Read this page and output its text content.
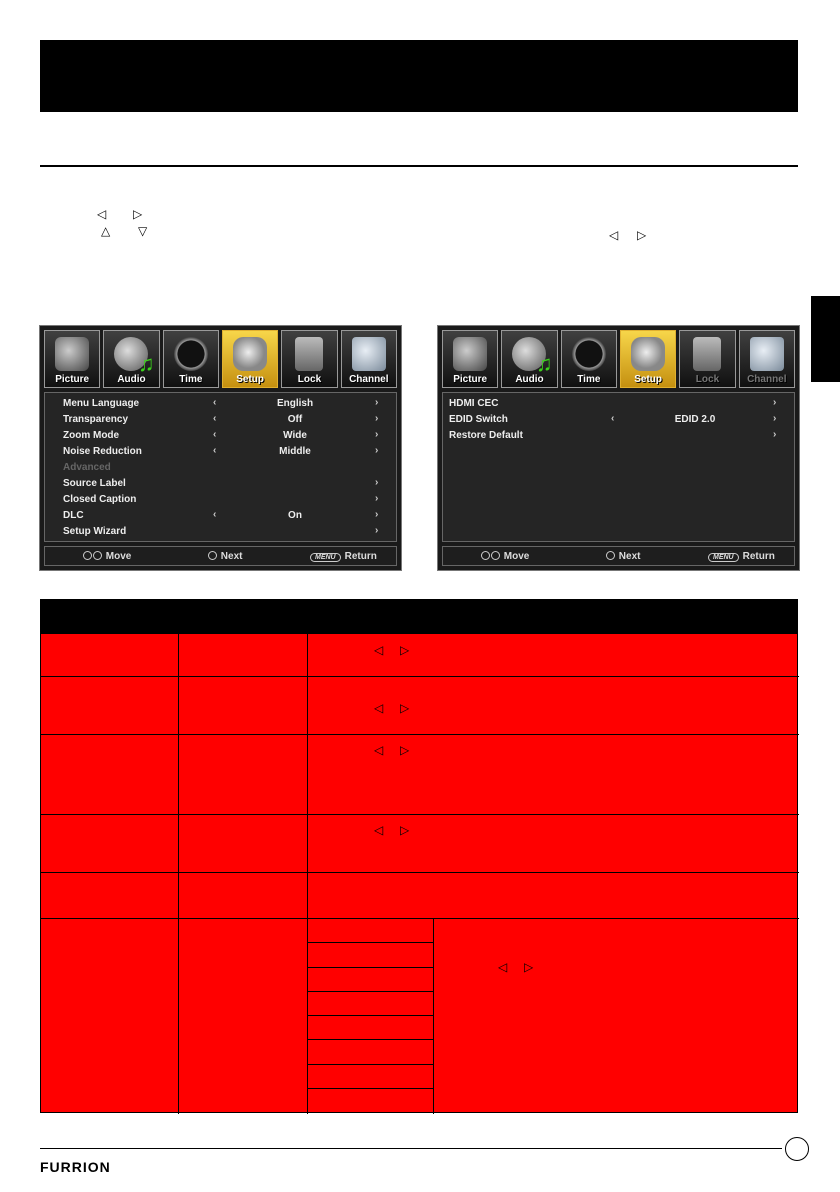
◁ ▷
△ ▽	◁ ▷
Picture
♫	Audio	Time	Setup	Lock	Channel
Menu Language	‹	English	›
Transparency	‹	Off	›
Zoom Mode	‹	Wide	›
Noise Reduction	‹	Middle	›
Advanced
Source Label	›
Closed Caption	›
DLC	‹	On	›
Setup Wizard	›
Move	Next	MENU Return
Picture
♫	Audio	Time	Setup	Lock	Channel
HDMI CEC	›
EDID Switch	‹	EDID 2.0	›
Restore Default	›
Move	Next	MENU Return
◁ ▷
◁ ▷
◁ ▷
◁ ▷
◁ ▷
FURRION
